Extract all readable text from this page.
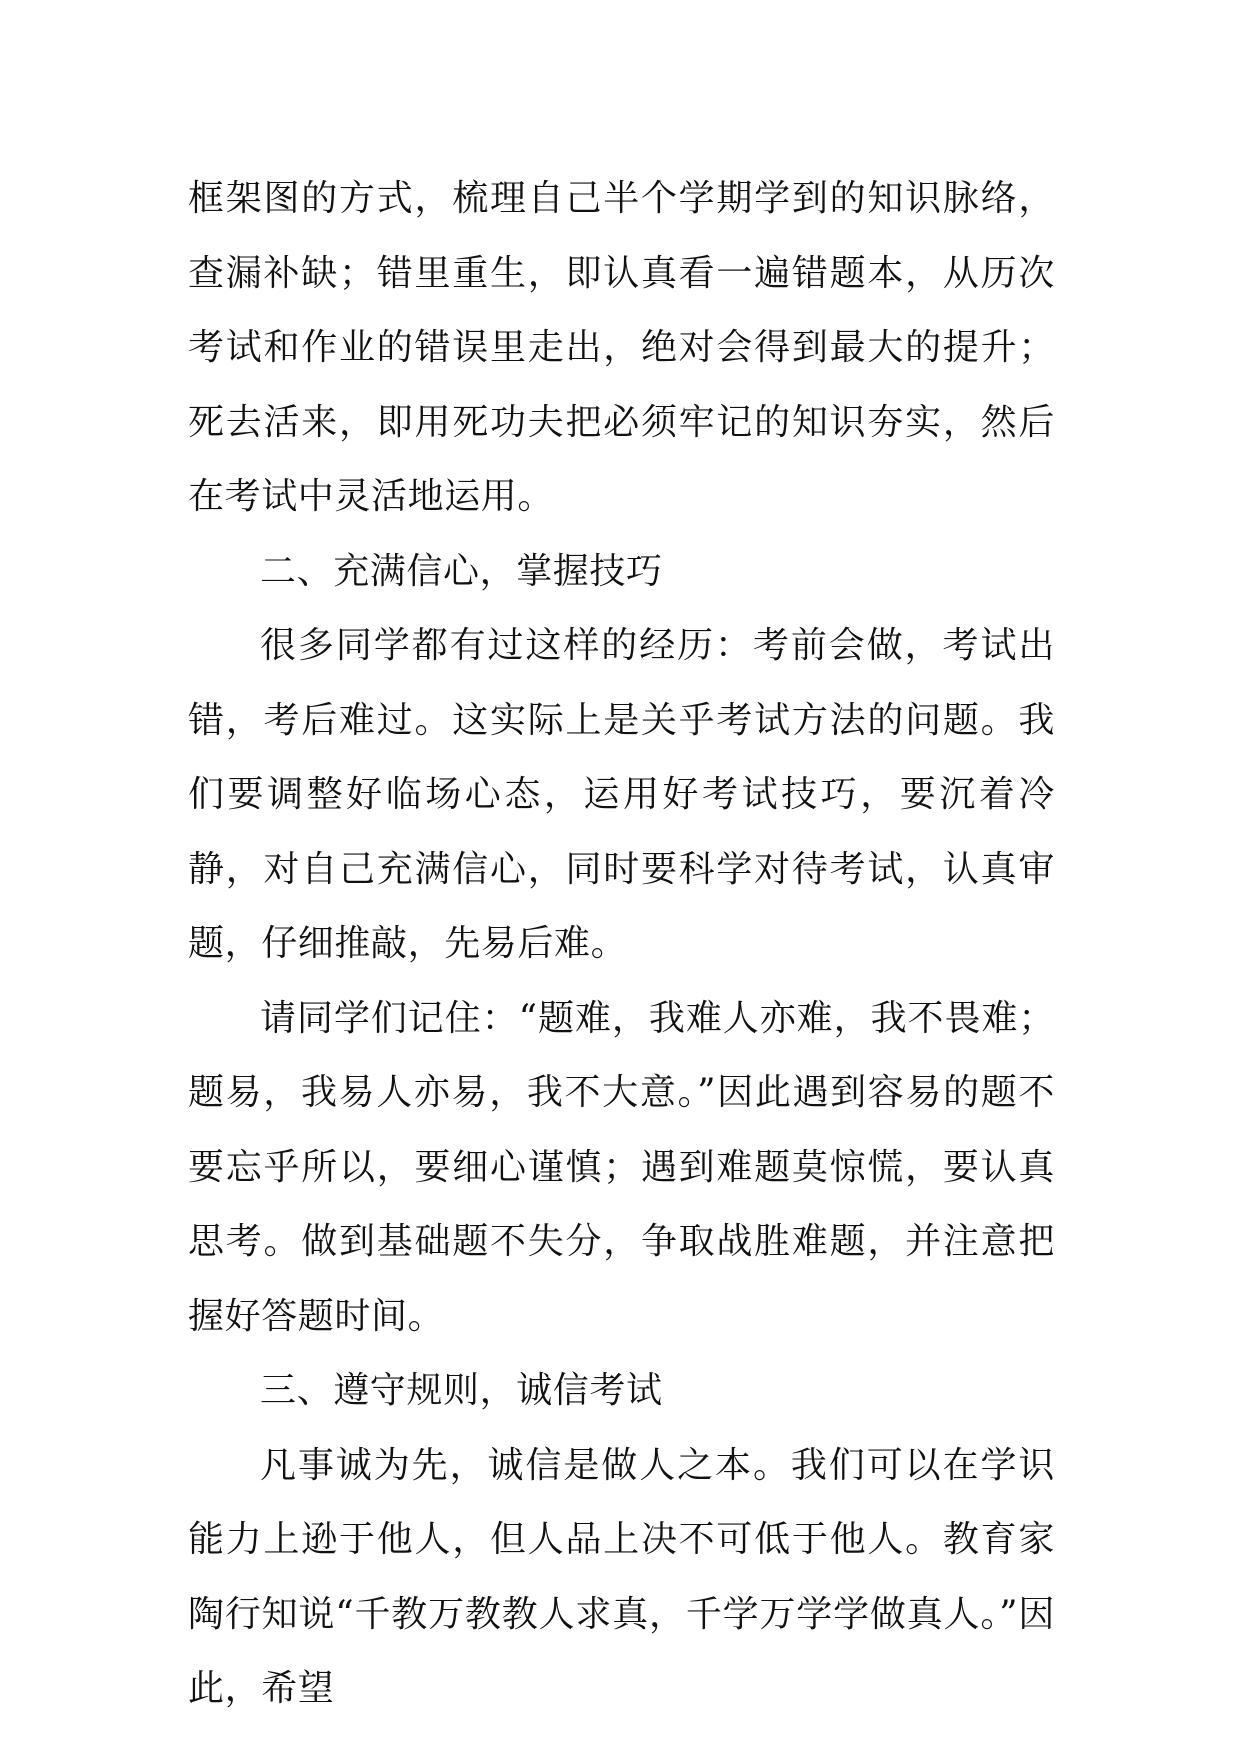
框架图的方式，梳理自己半个学期学到的知识脉络，查漏补缺；错里重生，即认真看一遍错题本，从历次考试和作业的错误里走出，绝对会得到最大的提升；死去活来，即用死功夫把必须牢记的知识夯实，然后在考试中灵活地运用。

二、充满信心，掌握技巧

很多同学都有过这样的经历：考前会做，考试出错，考后难过。这实际上是关乎考试方法的问题。我们要调整好临场心态，运用好考试技巧，要沉着冷静，对自己充满信心，同时要科学对待考试，认真审题，仔细推敲，先易后难。

请同学们记住：“题难，我难人亦难，我不畏难；题易，我易人亦易，我不大意。”因此遇到容易的题不要忘乎所以，要细心谨慎；遇到难题莫惊慌，要认真思考。做到基础题不失分，争取战胜难题，并注意把握好答题时间。

三、遵守规则，诚信考试

凡事诚为先，诚信是做人之本。我们可以在学识能力上逊于他人，但人品上决不可低于他人。教育家陶行知说“千教万教教人求真，千学万学学做真人。”因此，希望
